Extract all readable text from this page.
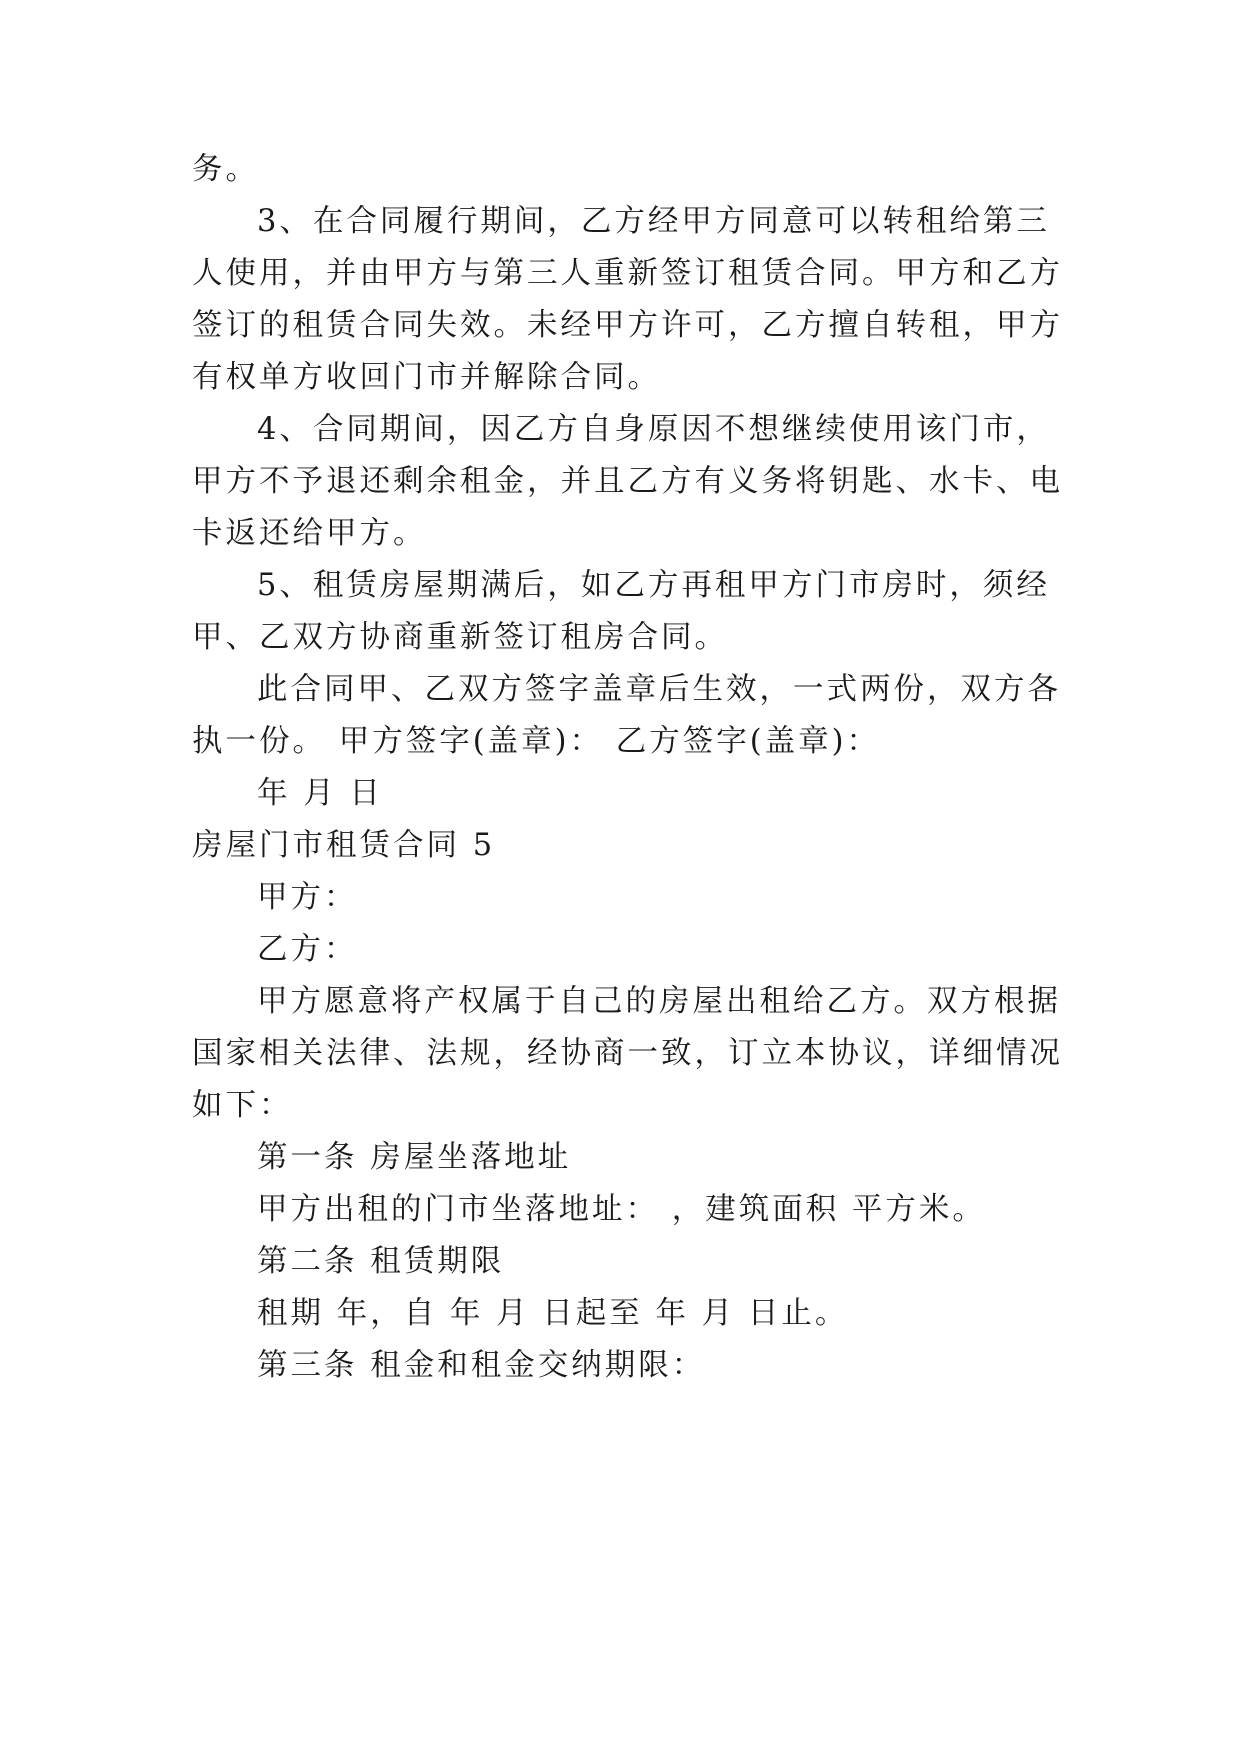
务。
3、在合同履行期间，乙方经甲方同意可以转租给第三
人使用，并由甲方与第三人重新签订租赁合同。甲方和乙方
签订的租赁合同失效。未经甲方许可，乙方擅自转租，甲方
有权单方收回门市并解除合同。
4、合同期间，因乙方自身原因不想继续使用该门市，
甲方不予退还剩余租金，并且乙方有义务将钥匙、水卡、电
卡返还给甲方。
5、租赁房屋期满后，如乙方再租甲方门市房时，须经
甲、乙双方协商重新签订租房合同。
此合同甲、乙双方签字盖章后生效，一式两份，双方各
执一份。 甲方签字(盖章)： 乙方签字(盖章)：
年 月 日
房屋门市租赁合同 5
甲方：
乙方：
甲方愿意将产权属于自己的房屋出租给乙方。双方根据
国家相关法律、法规，经协商一致，订立本协议，详细情况
如下：
第一条 房屋坐落地址
甲方出租的门市坐落地址： ，建筑面积 平方米。
第二条 租赁期限
租期 年，自 年 月 日起至 年 月 日止。
第三条 租金和租金交纳期限：
